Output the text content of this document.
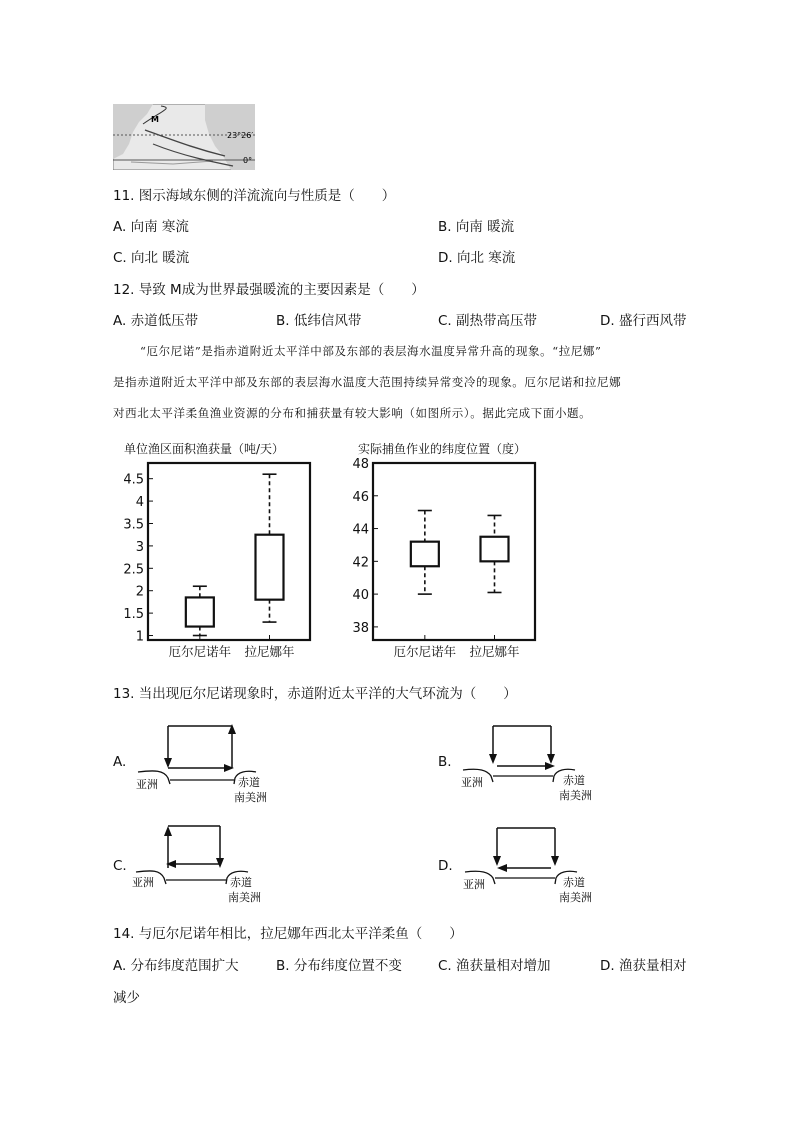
M
23°26′
0°
11. 图示海域东侧的洋流流向与性质是（　　）
A. 向南 寒流	B. 向南 暖流
C. 向北 暖流	D. 向北 寒流
12. 导致 M成为世界最强暖流的主要因素是（　　）
A. 赤道低压带	B. 低纬信风带	C. 副热带高压带	D. 盛行西风带
“厄尔尼诺”是指赤道附近太平洋中部及东部的表层海水温度异常升高的现象。“拉尼娜”
是指赤道附近太平洋中部及东部的表层海水温度大范围持续异常变冷的现象。厄尔尼诺和拉尼娜
对西北太平洋柔鱼渔业资源的分布和捕获量有较大影响（如图所示）。据此完成下面小题。
单位渔区面积渔获量（吨/天）	实际捕鱼作业的纬度位置（度）
1
1.5
2
2.5
3
3.5
4
4.5
厄尔尼诺年 拉尼娜年
38
40
42
44
46
48
厄尔尼诺年 拉尼娜年
13. 当出现厄尔尼诺现象时，赤道附近太平洋的大气环流为（　　）
A.	B.
C.	D.
亚洲	赤道
南美洲
亚洲	赤道
南美洲
亚洲	赤道
南美洲
亚洲	赤道
南美洲
14. 与厄尔尼诺年相比，拉尼娜年西北太平洋柔鱼（　　）
A. 分布纬度范围扩大	B. 分布纬度位置不变	C. 渔获量相对增加	D. 渔获量相对
减少
